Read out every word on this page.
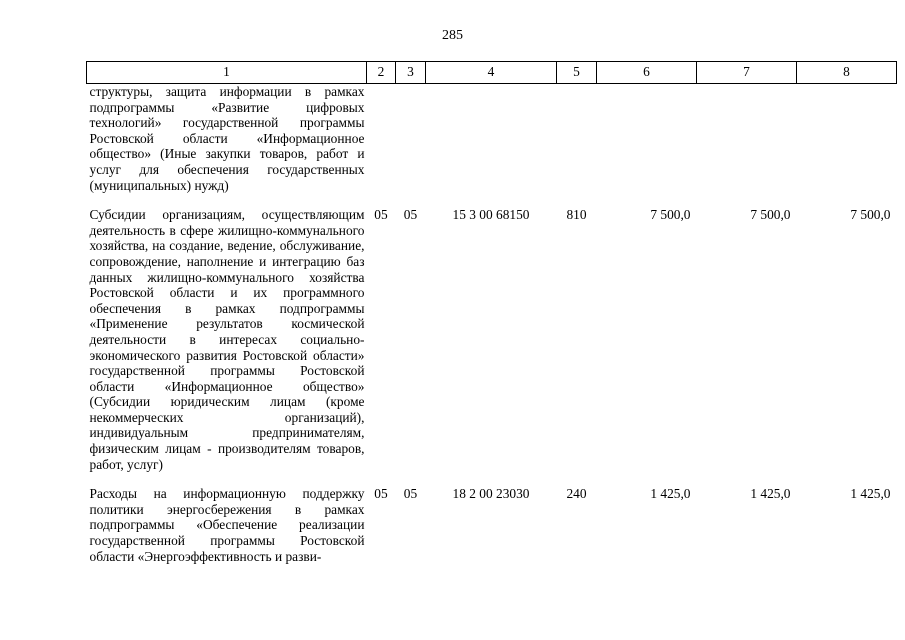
285
1	2	3	4	5	6	7	8
структуры, защита информации в рамках подпрограммы «Развитие цифровых технологий» государственной программы Ростовской области «Информационное общество» (Иные закупки товаров, работ и услуг для обеспечения государственных (муниципальных) нужд)							

Субсидии организациям, осуществляющим деятельность в сфере жилищно-коммунального хозяйства, на создание, ведение, обслуживание, сопровождение, наполнение и интеграцию баз данных жилищно-коммунального хозяйства Ростовской области и их программного обеспечения в рамках подпрограммы «Применение результатов космической деятельности в интересах социально-экономического развития Ростовской области» государственной программы Ростовской области «Информационное общество» (Субсидии юридическим лицам (кроме некоммерческих организаций), индивидуальным предпринимателям, физическим лицам - производителям товаров, работ, услуг)	05	05	15 3 00 68150	810	7 500,0	7 500,0	7 500,0

Расходы на информационную поддержку политики энергосбережения в рамках подпрограммы «Обеспечение реализации государственной программы Ростовской области «Энергоэффективность и разви-	05	05	18 2 00 23030	240	1 425,0	1 425,0	1 425,0
